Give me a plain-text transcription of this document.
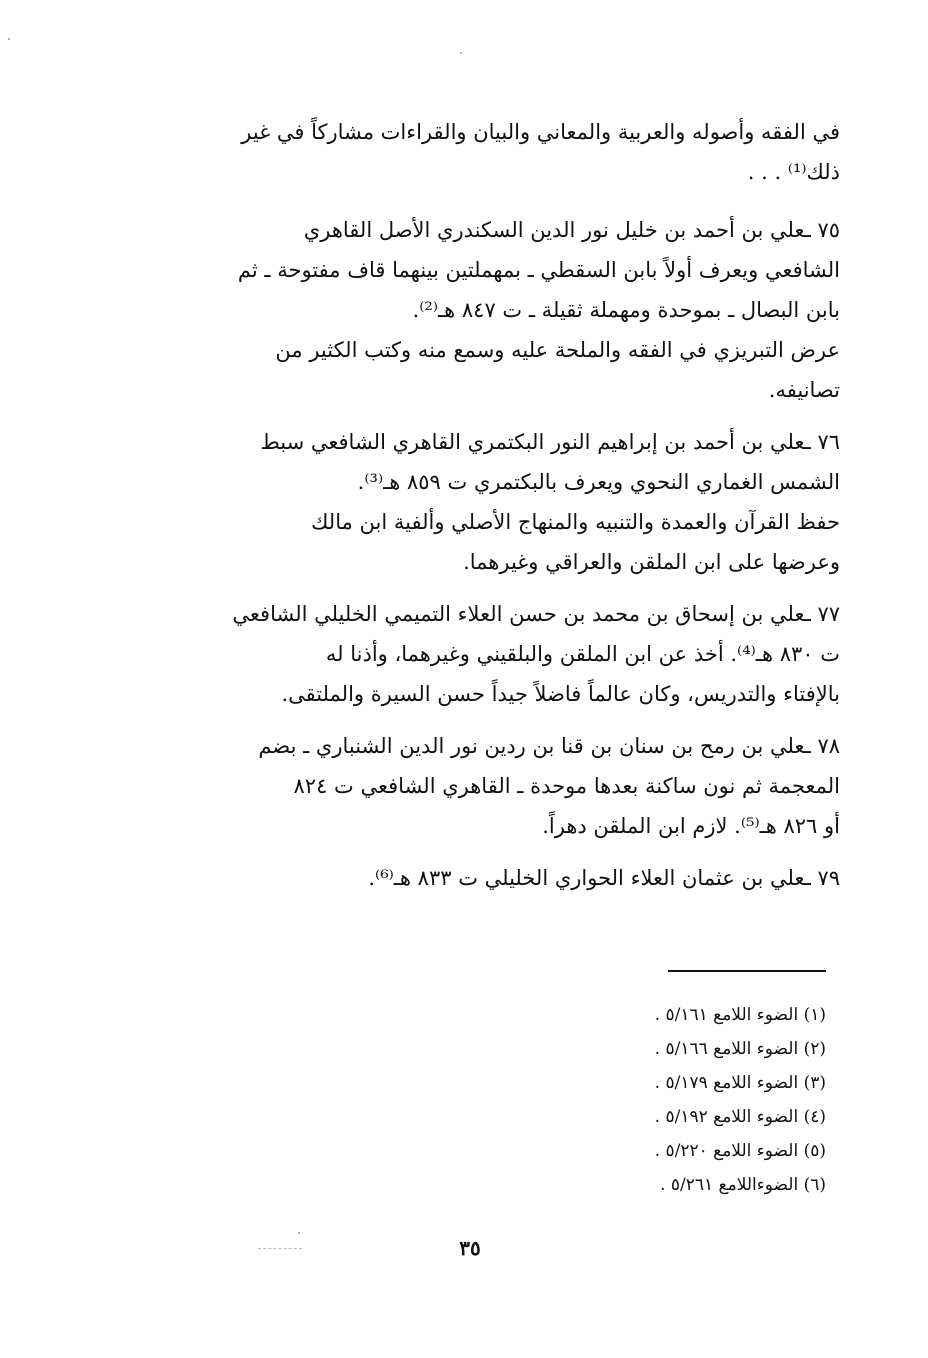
في الفقه وأصوله والعربية والمعاني والبيان والقراءات مشاركاً في غير

ذلك⁽¹⁾ . . .

٧٥ ـعلي بن أحمد بن خليل نور الدين السكندري الأصل القاهري

الشافعي ويعرف أولاً بابن السقطي ـ بمهملتين بينهما قاف مفتوحة ـ ثم

بابن البصال ـ بموحدة ومهملة ثقيلة ـ ت ٨٤٧ هـ⁽²⁾.

عرض التبريزي في الفقه والملحة عليه وسمع منه وكتب الكثير من

تصانيفه.

٧٦ ـعلي بن أحمد بن إبراهيم النور البكتمري القاهري الشافعي سبط

الشمس الغماري النحوي ويعرف بالبكتمري ت ٨٥٩ هـ⁽³⁾.

حفظ القرآن والعمدة والتنبيه والمنهاج الأصلي وألفية ابن مالك

وعرضها على ابن الملقن والعراقي وغيرهما.

٧٧ ـعلي بن إسحاق بن محمد بن حسن العلاء التميمي الخليلي الشافعي

ت ٨٣٠ هـ⁽⁴⁾. أخذ عن ابن الملقن والبلقيني وغيرهما، وأذنا له

بالإفتاء والتدريس، وكان عالماً فاضلاً جيداً حسن السيرة والملتقى.

٧٨ ـعلي بن رمح بن سنان بن قنا بن ردين نور الدين الشنباري ـ بضم

المعجمة ثم نون ساكنة بعدها موحدة ـ القاهري الشافعي ت ٨٢٤

أو ٨٢٦ هـ⁽⁵⁾. لازم ابن الملقن دهراً.

٧٩ ـعلي بن عثمان العلاء الحواري الخليلي ت ٨٣٣ هـ⁽⁶⁾.

(١) الضوء اللامع ٥/١٦١ .

(٢) الضوء اللامع ٥/١٦٦ .

(٣) الضوء اللامع ٥/١٧٩ .

(٤) الضوء اللامع ٥/١٩٢ .

(٥) الضوء اللامع ٥/٢٢٠ .

(٦) الضوءاللامع ٥/٢٦١ .

٣٥
